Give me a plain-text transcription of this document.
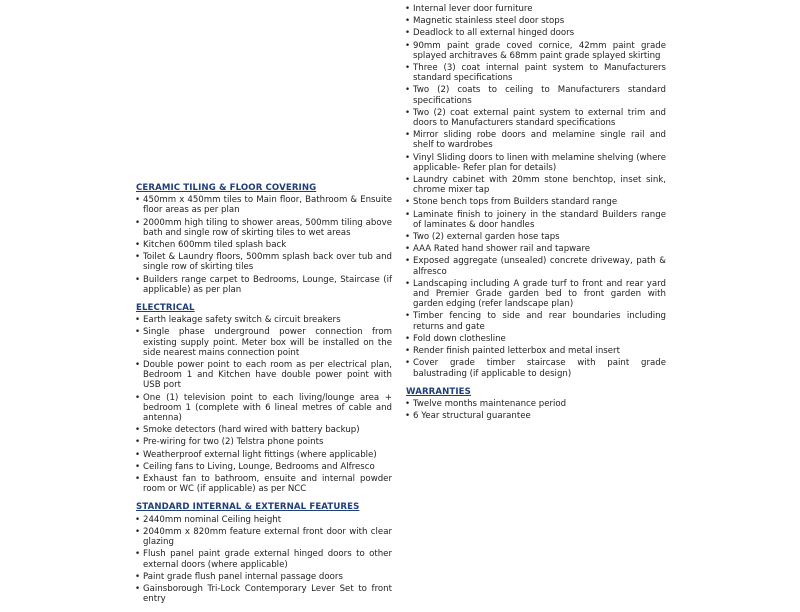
CERAMIC TILING & FLOOR COVERING
• 450mm x 450mm tiles to Main floor, Bathroom & Ensuite floor areas as per plan
• 2000mm high tiling to shower areas, 500mm tiling above bath and single row of skirting tiles to wet areas
• Kitchen 600mm tiled splash back
• Toilet & Laundry floors, 500mm splash back over tub and single row of skirting tiles
• Builders range carpet to Bedrooms, Lounge, Staircase (if applicable) as per plan
ELECTRICAL
• Earth leakage safety switch & circuit breakers
• Single phase underground power connection from existing supply point. Meter box will be installed on the side nearest mains connection point
• Double power point to each room as per electrical plan, Bedroom 1 and Kitchen have double power point with USB port
• One (1) television point to each living/lounge area + bedroom 1 (complete with 6 lineal metres of cable and antenna)
• Smoke detectors (hard wired with battery backup)
• Pre-wiring for two (2) Telstra phone points
• Weatherproof external light fittings (where applicable)
• Ceiling fans to Living, Lounge, Bedrooms and Alfresco
• Exhaust fan to bathroom, ensuite and internal powder room or WC (if applicable) as per NCC
STANDARD INTERNAL & EXTERNAL FEATURES
• 2440mm nominal Ceiling height
• 2040mm x 820mm feature external front door with clear glazing
• Flush panel paint grade external hinged doors to other external doors (where applicable)
• Paint grade flush panel internal passage doors
• Gainsborough Tri-Lock Contemporary Lever Set to front entry
• Internal lever door furniture
• Magnetic stainless steel door stops
• Deadlock to all external hinged doors
• 90mm paint grade coved cornice, 42mm paint grade splayed architraves & 68mm paint grade splayed skirting
• Three (3) coat internal paint system to Manufacturers standard specifications
• Two (2) coats to ceiling to Manufacturers standard specifications
• Two (2) coat external paint system to external trim and doors to Manufacturers standard specifications
• Mirror sliding robe doors and melamine single rail and shelf to wardrobes
• Vinyl Sliding doors to linen with melamine shelving (where applicable- Refer plan for details)
• Laundry cabinet with 20mm stone benchtop, inset sink, chrome mixer tap
• Stone bench tops from Builders standard range
• Laminate finish to joinery in the standard Builders range of laminates & door handles
• Two (2) external garden hose taps
• AAA Rated hand shower rail and tapware
• Exposed aggregate (unsealed) concrete driveway, path & alfresco
• Landscaping including A grade turf to front and rear yard and Premier Grade garden bed to front garden with garden edging (refer landscape plan)
• Timber fencing to side and rear boundaries including returns and gate
• Fold down clothesline
• Render finish painted letterbox and metal insert
• Cover grade timber staircase with paint grade balustrading (if applicable to design)
WARRANTIES
• Twelve months maintenance period
• 6 Year structural guarantee
